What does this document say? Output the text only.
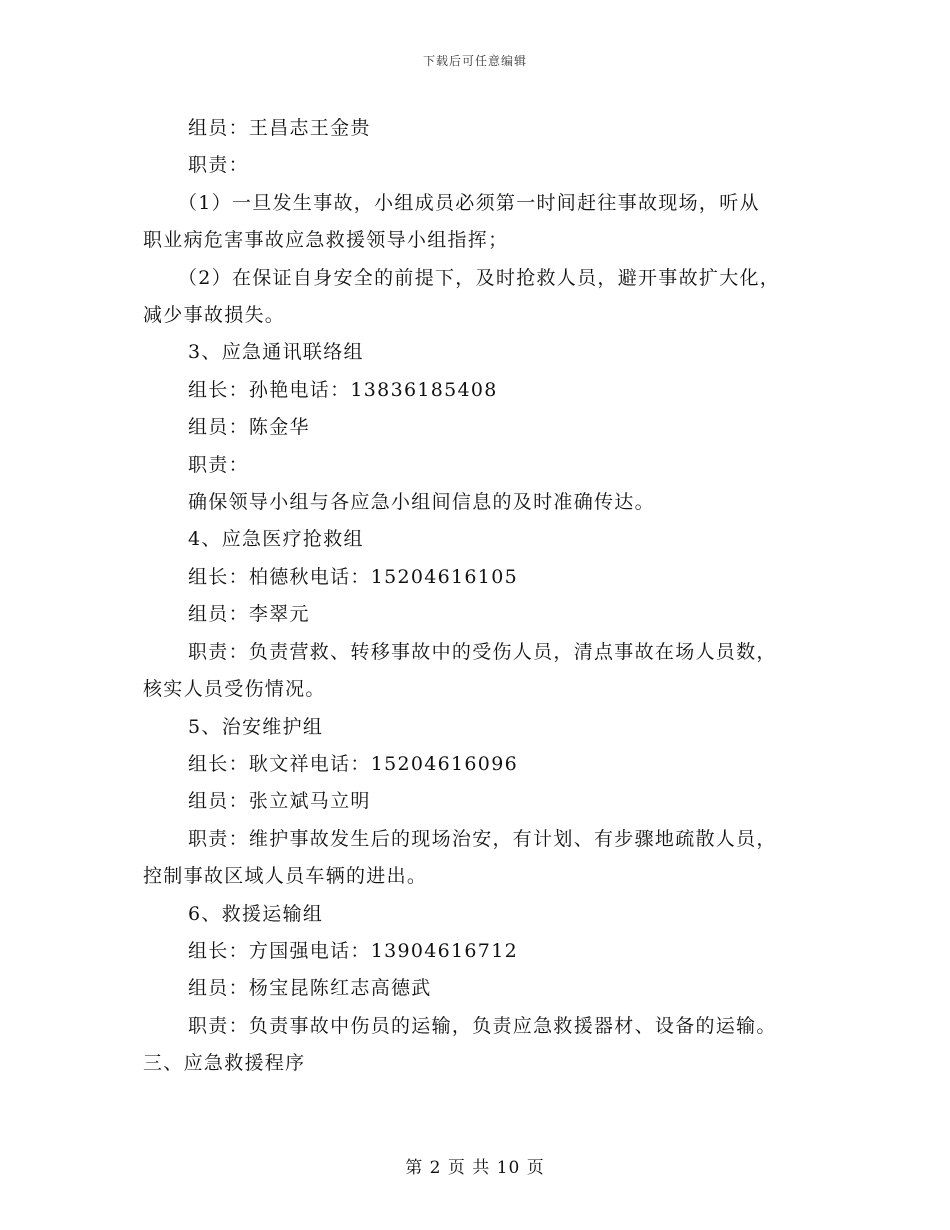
下载后可任意编辑
组员：王昌志王金贵
职责：
（1）一旦发生事故，小组成员必须第一时间赶往事故现场，听从
职业病危害事故应急救援领导小组指挥；
（2）在保证自身安全的前提下，及时抢救人员，避开事故扩大化，
减少事故损失。
3、应急通讯联络组
组长：孙艳电话：13836185408
组员：陈金华
职责：
确保领导小组与各应急小组间信息的及时准确传达。
4、应急医疗抢救组
组长：柏德秋电话：15204616105
组员：李翠元
职责：负责营救、转移事故中的受伤人员，清点事故在场人员数，
核实人员受伤情况。
5、治安维护组
组长：耿文祥电话：15204616096
组员：张立斌马立明
职责：维护事故发生后的现场治安，有计划、有步骤地疏散人员，
控制事故区域人员车辆的进出。
6、救援运输组
组长：方国强电话：13904616712
组员：杨宝昆陈红志高德武
职责：负责事故中伤员的运输，负责应急救援器材、设备的运输。
三、应急救援程序
第 2 页 共 10 页
